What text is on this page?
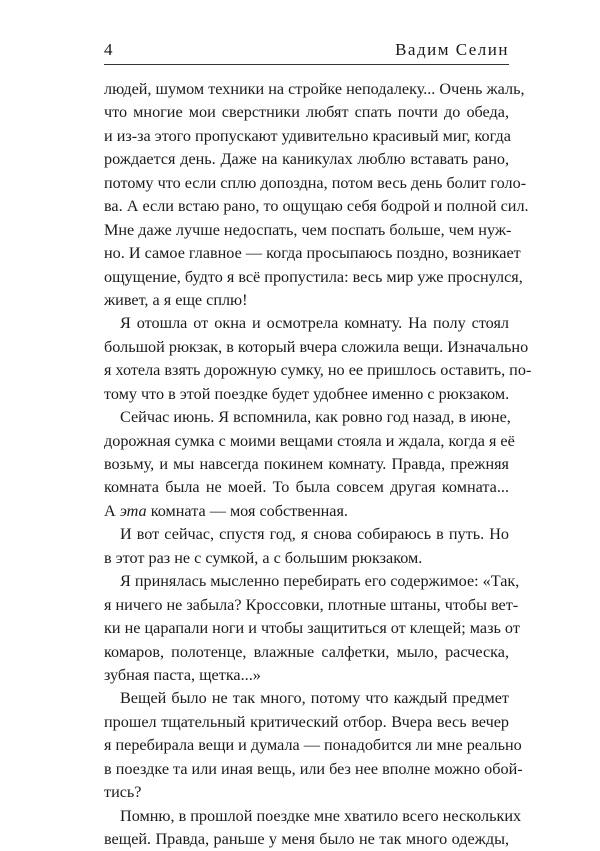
4	Вадим Селин
людей, шумом техники на стройке неподалеку... Очень жаль,
что многие мои сверстники любят спать почти до обеда,
и из-за этого пропускают удивительно красивый миг, когда
рождается день. Даже на каникулах люблю вставать рано,
потому что если сплю допоздна, потом весь день болит голо-
ва. А если встаю рано, то ощущаю себя бодрой и полной сил.
Мне даже лучше недоспать, чем поспать больше, чем нуж-
но. И самое главное — когда просыпаюсь поздно, возникает
ощущение, будто я всё пропустила: весь мир уже проснулся,
живет, а я еще сплю!
Я отошла от окна и осмотрела комнату. На полу стоял
большой рюкзак, в который вчера сложила вещи. Изначально
я хотела взять дорожную сумку, но ее пришлось оставить, по-
тому что в этой поездке будет удобнее именно с рюкзаком.
Сейчас июнь. Я вспомнила, как ровно год назад, в июне,
дорожная сумка с моими вещами стояла и ждала, когда я её
возьму, и мы навсегда покинем комнату. Правда, прежняя
комната была не моей. То была совсем другая комната...
А эта комната — моя собственная.
И вот сейчас, спустя год, я снова собираюсь в путь. Но
в этот раз не с сумкой, а с большим рюкзаком.
Я принялась мысленно перебирать его содержимое: «Так,
я ничего не забыла? Кроссовки, плотные штаны, чтобы вет-
ки не царапали ноги и чтобы защититься от клещей; мазь от
комаров, полотенце, влажные салфетки, мыло, расческа,
зубная паста, щетка...»
Вещей было не так много, потому что каждый предмет
прошел тщательный критический отбор. Вчера весь вечер
я перебирала вещи и думала — понадобится ли мне реально
в поездке та или иная вещь, или без нее вполне можно обой-
тись?
Помню, в прошлой поездке мне хватило всего нескольких
вещей. Правда, раньше у меня было не так много одежды,
